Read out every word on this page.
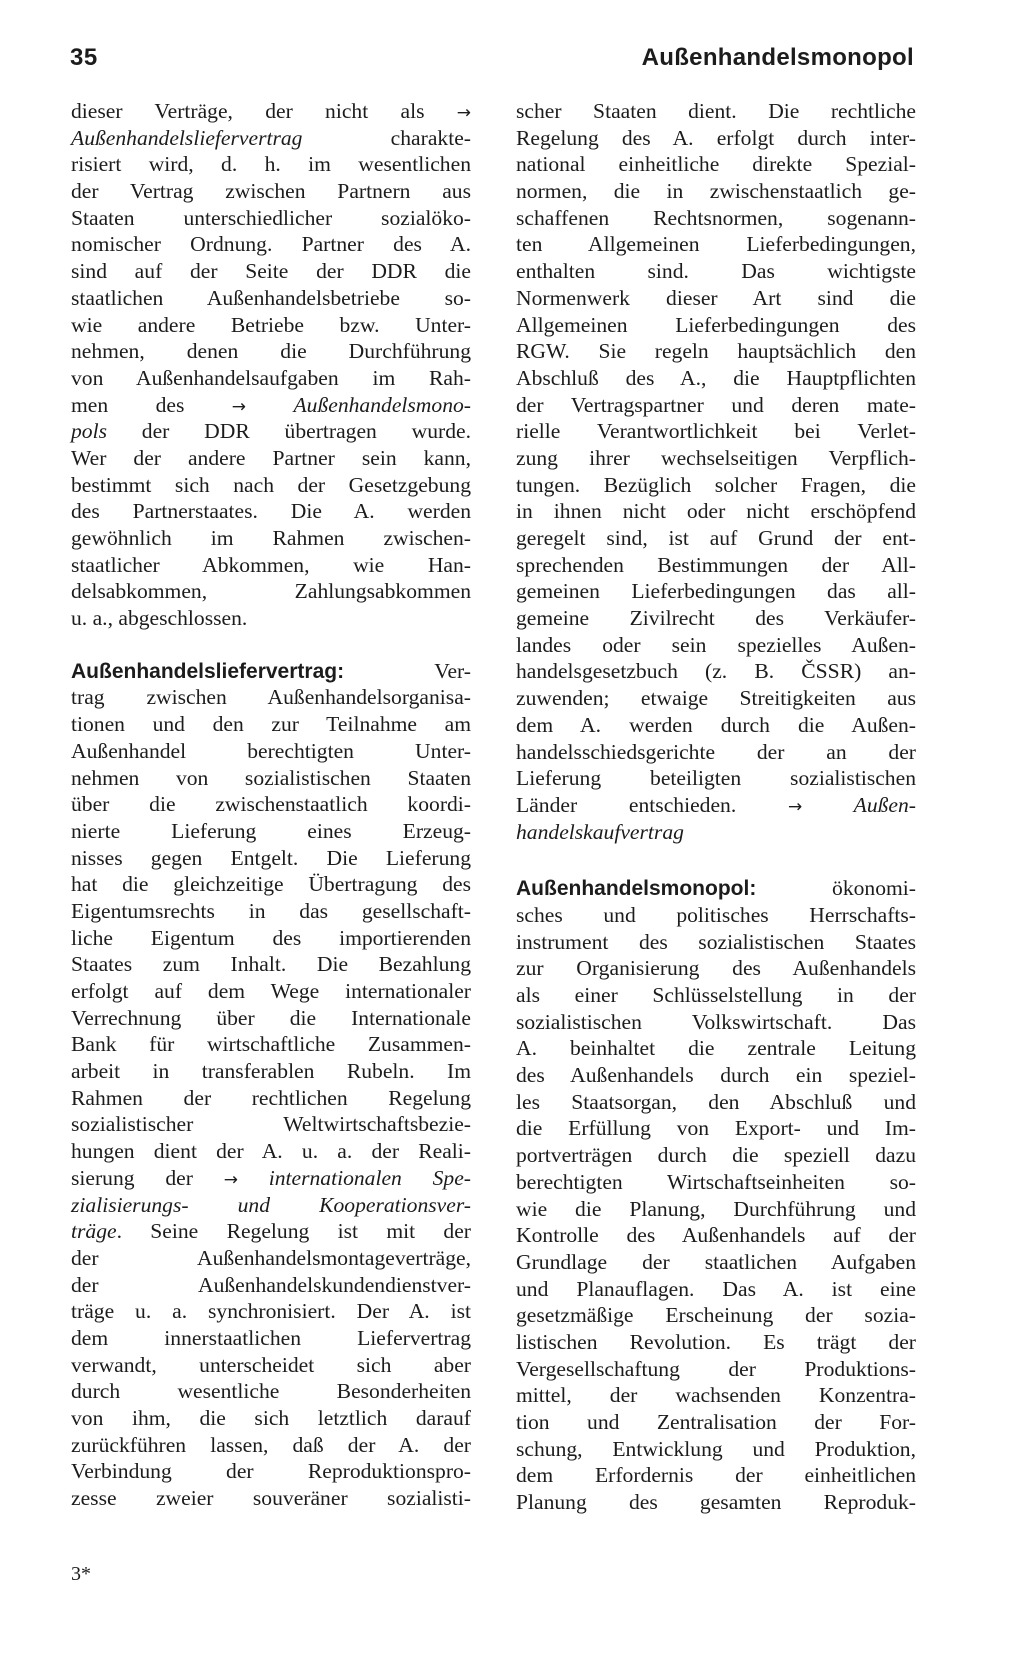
35	Außenhandelsmonopol
dieser Verträge, der nicht als →
Außenhandelsliefervertrag charakte-
risiert wird, d. h. im wesentlichen
der Vertrag zwischen Partnern aus
Staaten unterschiedlicher sozialöko-
nomischer Ordnung. Partner des A.
sind auf der Seite der DDR die
staatlichen Außenhandelsbetriebe so-
wie andere Betriebe bzw. Unter-
nehmen, denen die Durchführung
von Außenhandelsaufgaben im Rah-
men des → Außenhandelsmono-
pols der DDR übertragen wurde.
Wer der andere Partner sein kann,
bestimmt sich nach der Gesetzgebung
des Partnerstaates. Die A. werden
gewöhnlich im Rahmen zwischen-
staatlicher Abkommen, wie Han-
delsabkommen, Zahlungsabkommen
u. a., abgeschlossen.
Außenhandelsliefervertrag: Ver-
trag zwischen Außenhandelsorganisa-
tionen und den zur Teilnahme am
Außenhandel berechtigten Unter-
nehmen von sozialistischen Staaten
über die zwischenstaatlich koordi-
nierte Lieferung eines Erzeug-
nisses gegen Entgelt. Die Lieferung
hat die gleichzeitige Übertragung des
Eigentumsrechts in das gesellschaft-
liche Eigentum des importierenden
Staates zum Inhalt. Die Bezahlung
erfolgt auf dem Wege internationaler
Verrechnung über die Internationale
Bank für wirtschaftliche Zusammen-
arbeit in transferablen Rubeln. Im
Rahmen der rechtlichen Regelung
sozialistischer Weltwirtschaftsbezie-
hungen dient der A. u. a. der Reali-
sierung der → internationalen Spe-
zialisierungs- und Kooperationsver-
träge. Seine Regelung ist mit der
der Außenhandelsmontageverträge,
der Außenhandelskundendienstver-
träge u. a. synchronisiert. Der A. ist
dem innerstaatlichen Liefervertrag
verwandt, unterscheidet sich aber
durch wesentliche Besonderheiten
von ihm, die sich letztlich darauf
zurückführen lassen, daß der A. der
Verbindung der Reproduktionspro-
zesse zweier souveräner sozialisti-
scher Staaten dient. Die rechtliche
Regelung des A. erfolgt durch inter-
national einheitliche direkte Spezial-
normen, die in zwischenstaatlich ge-
schaffenen Rechtsnormen, sogenann-
ten Allgemeinen Lieferbedingungen,
enthalten sind. Das wichtigste
Normenwerk dieser Art sind die
Allgemeinen Lieferbedingungen des
RGW. Sie regeln hauptsächlich den
Abschluß des A., die Hauptpflichten
der Vertragspartner und deren mate-
rielle Verantwortlichkeit bei Verlet-
zung ihrer wechselseitigen Verpflich-
tungen. Bezüglich solcher Fragen, die
in ihnen nicht oder nicht erschöpfend
geregelt sind, ist auf Grund der ent-
sprechenden Bestimmungen der All-
gemeinen Lieferbedingungen das all-
gemeine Zivilrecht des Verkäufer-
landes oder sein spezielles Außen-
handelsgesetzbuch (z. B. ČSSR) an-
zuwenden; etwaige Streitigkeiten aus
dem A. werden durch die Außen-
handelsschiedsgerichte der an der
Lieferung beteiligten sozialistischen
Länder entschieden. → Außen-
handelskaufvertrag
Außenhandelsmonopol: ökonomi-
sches und politisches Herrschafts-
instrument des sozialistischen Staates
zur Organisierung des Außenhandels
als einer Schlüsselstellung in der
sozialistischen Volkswirtschaft. Das
A. beinhaltet die zentrale Leitung
des Außenhandels durch ein speziel-
les Staatsorgan, den Abschluß und
die Erfüllung von Export- und Im-
portverträgen durch die speziell dazu
berechtigten Wirtschaftseinheiten so-
wie die Planung, Durchführung und
Kontrolle des Außenhandels auf der
Grundlage der staatlichen Aufgaben
und Planauflagen. Das A. ist eine
gesetzmäßige Erscheinung der sozia-
listischen Revolution. Es trägt der
Vergesellschaftung der Produktions-
mittel, der wachsenden Konzentra-
tion und Zentralisation der For-
schung, Entwicklung und Produktion,
dem Erfordernis der einheitlichen
Planung des gesamten Reproduk-
3*
